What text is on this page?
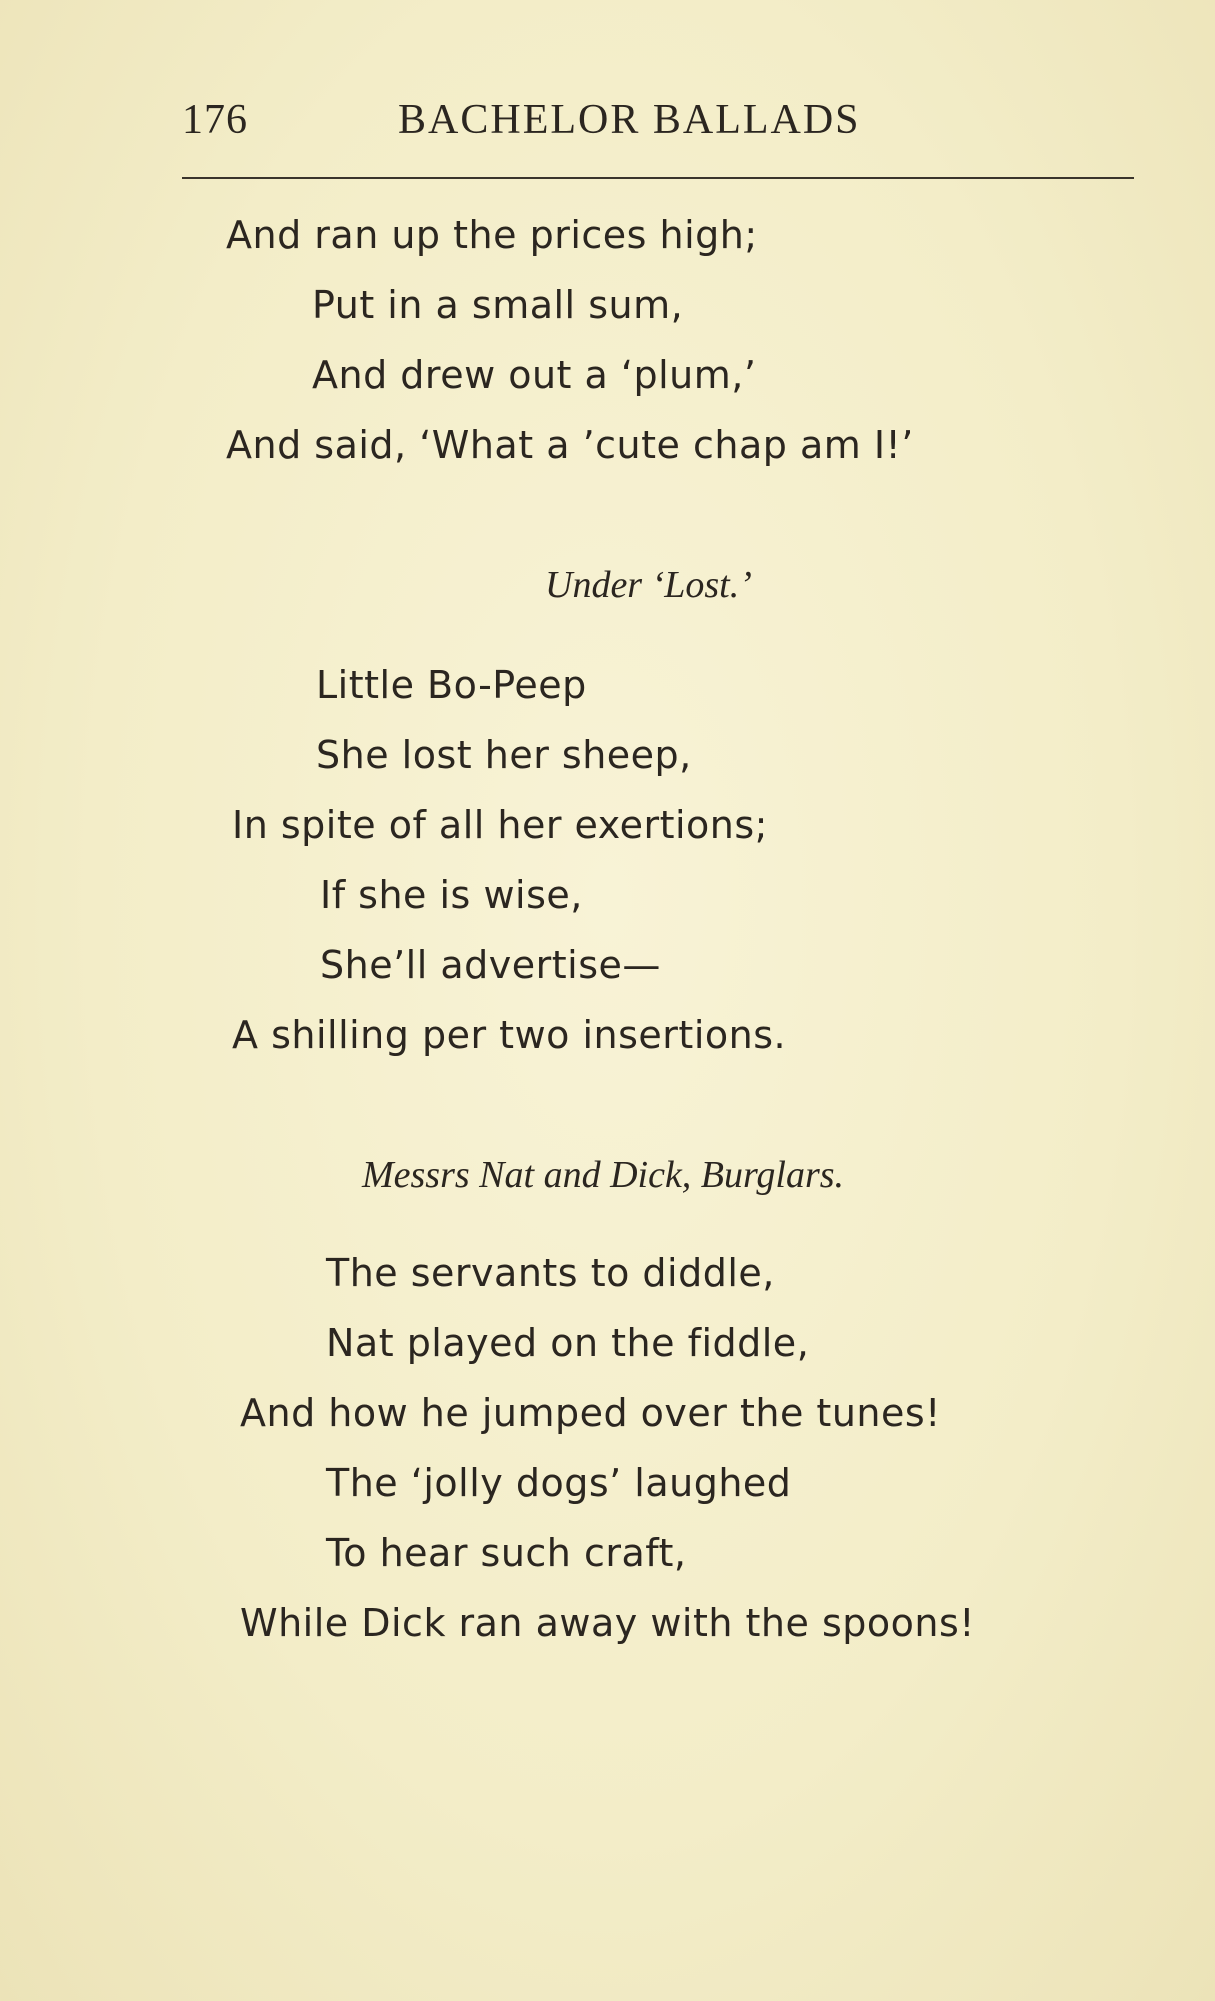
176	BACHELOR BALLADS
And ran up the prices high;
Put in a small sum,
And drew out a ‘plum,’
And said, ‘What a ’cute chap am I!’
Under ‘Lost.’
Little Bo-Peep
She lost her sheep,
In spite of all her exertions;
If she is wise,
She’ll advertise—
A shilling per two insertions.
Messrs Nat and Dick, Burglars.
The servants to diddle,
Nat played on the fiddle,
And how he jumped over the tunes!
The ‘jolly dogs’ laughed
To hear such craft,
While Dick ran away with the spoons!
